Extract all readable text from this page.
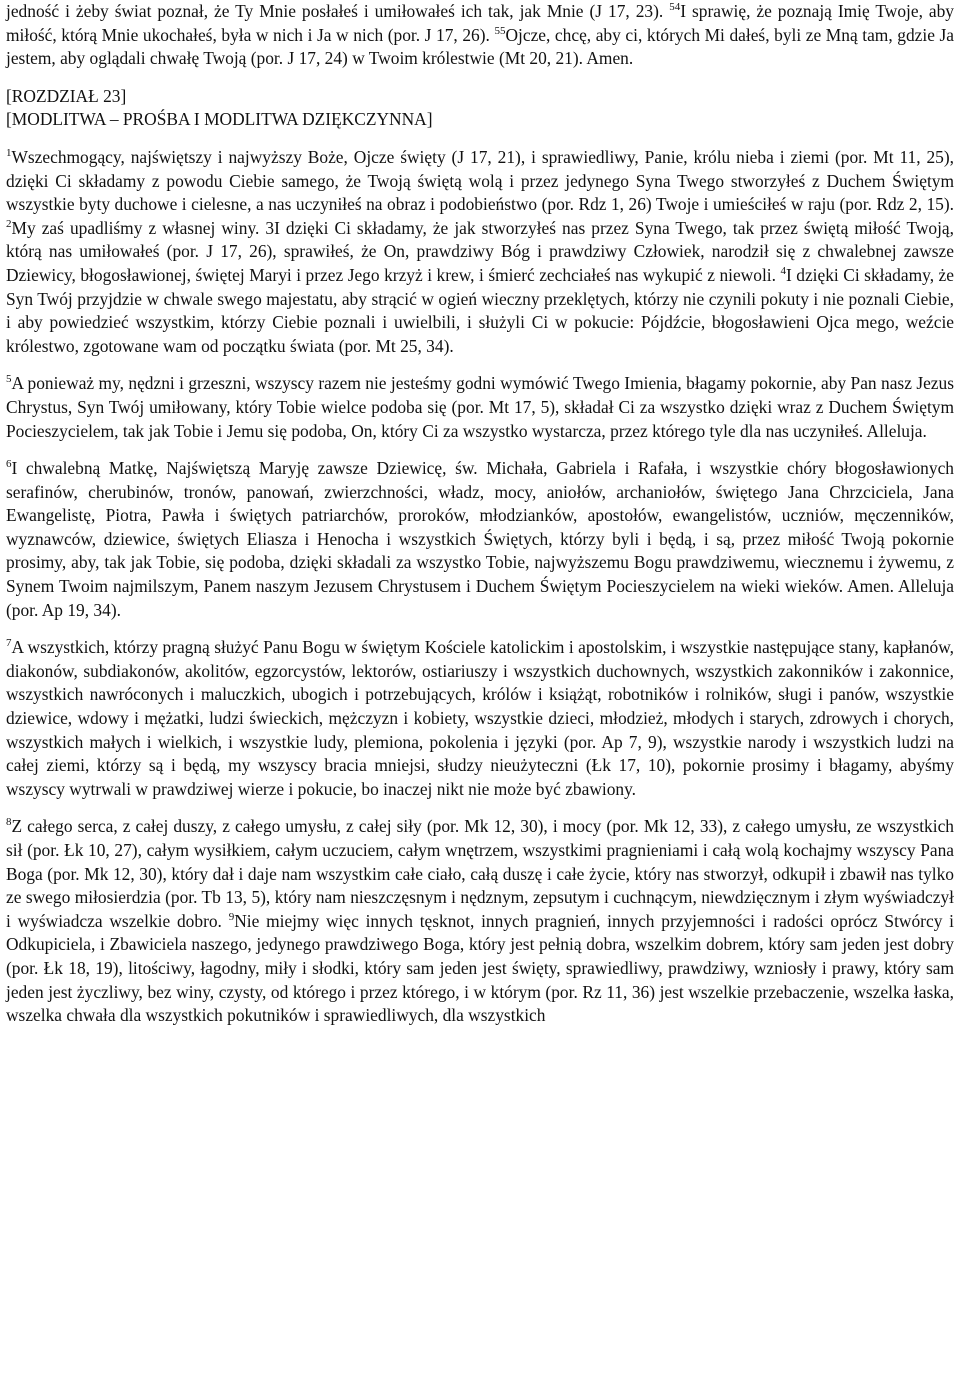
jedność i żeby świat poznał, że Ty Mnie posłałeś i umiłowałeś ich tak, jak Mnie (J 17, 23). $^{54}$I sprawię, że poznają Imię Twoje, aby miłość, którą Mnie ukochałeś, była w nich i Ja w nich (por. J 17, 26). $^{55}$Ojcze, chcę, aby ci, których Mi dałeś, byli ze Mną tam, gdzie Ja jestem, aby oglądali chwałę Twoją (por. J 17, 24) w Twoim królestwie (Mt 20, 21). Amen.

[ROZDZIAŁ 23]
[MODLITWA – PROŚBA I MODLITWA DZIĘKCZYNNA]

$^1$Wszechmogący, najświętszy i najwyższy Boże, Ojcze święty (J 17, 21), i sprawiedliwy, Panie, królu nieba i ziemi (por. Mt 11, 25), dzięki Ci składamy z powodu Ciebie samego, że Twoją świętą wolą i przez jedynego Syna Twego stworzyłeś z Duchem Świętym wszystkie byty duchowe i cielesne, a nas uczyniłeś na obraz i podobieństwo (por. Rdz 1, 26) Twoje i umieściłeś w raju (por. Rdz 2, 15). $^2$My zaś upadliśmy z własnej winy. 3I dzięki Ci składamy, że jak stworzyłeś nas przez Syna Twego, tak przez świętą miłość Twoją, którą nas umiłowałeś (por. J 17, 26), sprawiłeś, że On, prawdziwy Bóg i prawdziwy Człowiek, narodził się z chwalebnej zawsze Dziewicy, błogosławionej, świętej Maryi i przez Jego krzyż i krew, i śmierć zechciałeś nas wykupić z niewoli. $^4$I dzięki Ci składamy, że Syn Twój przyjdzie w chwale swego majestatu, aby strącić w ogień wieczny przeklętych, którzy nie czynili pokuty i nie poznali Ciebie, i aby powiedzieć wszystkim, którzy Ciebie poznali i uwielbili, i służyli Ci w pokucie: Pójdźcie, błogosławieni Ojca mego, weźcie królestwo, zgotowane wam od początku świata (por. Mt 25, 34).

$^5$A ponieważ my, nędzni i grzeszni, wszyscy razem nie jesteśmy godni wymówić Twego Imienia, błagamy pokornie, aby Pan nasz Jezus Chrystus, Syn Twój umiłowany, który Tobie wielce podoba się (por. Mt 17, 5), składał Ci za wszystko dzięki wraz z Duchem Świętym Pocieszycielem, tak jak Tobie i Jemu się podoba, On, który Ci za wszystko wystarcza, przez którego tyle dla nas uczyniłeś. Alleluja.

$^6$I chwalebną Matkę, Najświętszą Maryję zawsze Dziewicę, św. Michała, Gabriela i Rafała, i wszystkie chóry błogosławionych serafinów, cherubinów, tronów, panowań, zwierzchności, władz, mocy, aniołów, archaniołów, świętego Jana Chrzciciela, Jana Ewangelistę, Piotra, Pawła i świętych patriarchów, proroków, młodzianków, apostołów, ewangelistów, uczniów, męczenników, wyznawców, dziewice, świętych Eliasza i Henocha i wszystkich Świętych, którzy byli i będą, i są, przez miłość Twoją pokornie prosimy, aby, tak jak Tobie, się podoba, dzięki składali za wszystko Tobie, najwyższemu Bogu prawdziwemu, wiecznemu i żywemu, z Synem Twoim najmilszym, Panem naszym Jezusem Chrystusem i Duchem Świętym Pocieszycielem na wieki wieków. Amen. Alleluja (por. Ap 19, 34).

$^7$A wszystkich, którzy pragną służyć Panu Bogu w świętym Kościele katolickim i apostolskim, i wszystkie następujące stany, kapłanów, diakonów, subdiakonów, akolitów, egzorcystów, lektorów, ostiariuszy i wszystkich duchownych, wszystkich zakonników i zakonnice, wszystkich nawróconych i maluczkich, ubogich i potrzebujących, królów i książąt, robotników i rolników, sługi i panów, wszystkie dziewice, wdowy i mężatki, ludzi świeckich, mężczyzn i kobiety, wszystkie dzieci, młodzież, młodych i starych, zdrowych i chorych, wszystkich małych i wielkich, i wszystkie ludy, plemiona, pokolenia i języki (por. Ap 7, 9), wszystkie narody i wszystkich ludzi na całej ziemi, którzy są i będą, my wszyscy bracia mniejsi, słudzy nieużyteczni (Łk 17, 10), pokornie prosimy i błagamy, abyśmy wszyscy wytrwali w prawdziwej wierze i pokucie, bo inaczej nikt nie może być zbawiony.

$^8$Z całego serca, z całej duszy, z całego umysłu, z całej siły (por. Mk 12, 30), i mocy (por. Mk 12, 33), z całego umysłu, ze wszystkich sił (por. Łk 10, 27), całym wysiłkiem, całym uczuciem, całym wnętrzem, wszystkimi pragnieniami i całą wolą kochajmy wszyscy Pana Boga (por. Mk 12, 30), który dał i daje nam wszystkim całe ciało, całą duszę i całe życie, który nas stworzył, odkupił i zbawił nas tylko ze swego miłosierdzia (por. Tb 13, 5), który nam nieszczęsnym i nędznym, zepsutym i cuchnącym, niewdzięcznym i złym wyświadczył i wyświadcza wszelkie dobro. $^9$Nie miejmy więc innych tęsknot, innych pragnień, innych przyjemności i radości oprócz Stwórcy i Odkupiciela, i Zbawiciela naszego, jedynego prawdziwego Boga, który jest pełnią dobra, wszelkim dobrem, który sam jeden jest dobry (por. Łk 18, 19), litościwy, łagodny, miły i słodki, który sam jeden jest święty, sprawiedliwy, prawdziwy, wzniosły i prawy, który sam jeden jest życzliwy, bez winy, czysty, od którego i przez którego, i w którym (por. Rz 11, 36) jest wszelkie przebaczenie, wszelka łaska, wszelka chwała dla wszystkich pokutników i sprawiedliwych, dla wszystkich
